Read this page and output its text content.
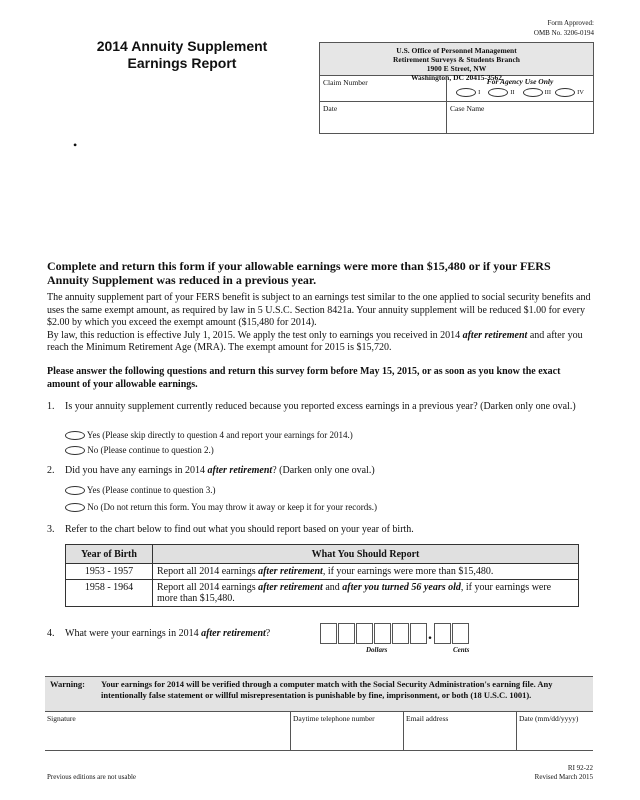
Form Approved:
OMB No. 3206-0194
2014 Annuity Supplement
Earnings Report
U.S. Office of Personnel Management
Retirement Surveys & Students Branch
1900 E Street, NW
Washington, DC 20415-3562
Claim Number	For Agency Use Only
I	II	III	IV
Date	Case Name
•
Complete and return this form if your allowable earnings were more than $15,480 or if your FERS Annuity Supplement was reduced in a previous year.
The annuity supplement part of your FERS benefit is subject to an earnings test similar to the one applied to social security benefits and uses the same exempt amount, as required by law in 5 U.S.C. Section 8421a. Your annuity supplement will be reduced $1.00 for every $2.00 by which you exceed the exempt amount ($15,480 for 2014).
By law, this reduction is effective July 1, 2015. We apply the test only to earnings you received in 2014 after retirement and after you reach the Minimum Retirement Age (MRA). The exempt amount for 2015 is $15,720.
Please answer the following questions and return this survey form before May 15, 2015, or as soon as you know the exact amount of your allowable earnings.
1. Is your annuity supplement currently reduced because you reported excess earnings in a previous year? (Darken only one oval.)
Yes (Please skip directly to question 4 and report your earnings for 2014.)
No (Please continue to question 2.)
2. Did you have any earnings in 2014 after retirement? (Darken only one oval.)
Yes (Please continue to question 3.)
No (Do not return this form. You may throw it away or keep it for your records.)
3. Refer to the chart below to find out what you should report based on your year of birth.
Year of Birth	What You Should Report
1953 - 1957	Report all 2014 earnings after retirement, if your earnings were more than $15,480.
1958 - 1964	Report all 2014 earnings after retirement and after you turned 56 years old, if your earnings were more than $15,480.
4. What were your earnings in 2014 after retirement?	.
Dollars	Cents
Warning: Your earnings for 2014 will be verified through a computer match with the Social Security Administration's earning file. Any intentionally false statement or willful misrepresentation is punishable by fine, imprisonment, or both (18 U.S.C. 1001).
Signature	Daytime telephone number	Email address	Date (mm/dd/yyyy)
Previous editions are not usable
RI 92-22
Revised March 2015
